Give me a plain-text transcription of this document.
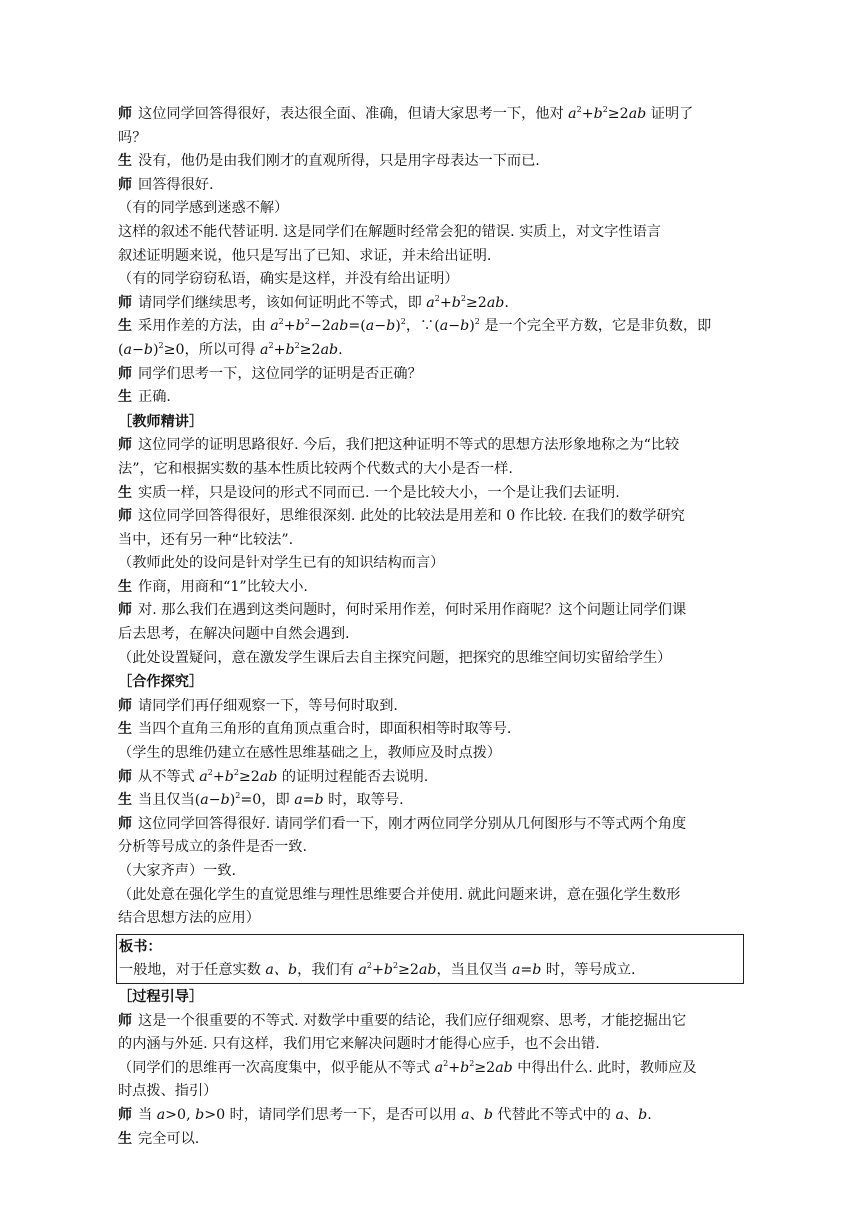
师 这位同学回答得很好，表达很全面、准确，但请大家思考一下，他对 $a^2+b^2\ge 2ab$ 证明了
吗？
生 没有，他仍是由我们刚才的直观所得，只是用字母表达一下而已.
师 回答得很好.
（有的同学感到迷惑不解）
这样的叙述不能代替证明. 这是同学们在解题时经常会犯的错误. 实质上，对文字性语言
叙述证明题来说，他只是写出了已知、求证，并未给出证明.
（有的同学窃窃私语，确实是这样，并没有给出证明）
师 请同学们继续思考，该如何证明此不等式，即 $a^2+b^2\ge 2ab$.
生 采用作差的方法，由 $a^2+b^2-2ab=(a-b)^2$，$\because(a-b)^2$ 是一个完全平方数，它是非负数，即
$(a-b)^2\ge 0$，所以可得 $a^2+b^2\ge 2ab$.
师 同学们思考一下，这位同学的证明是否正确？
生 正确.
［教师精讲］
师 这位同学的证明思路很好. 今后，我们把这种证明不等式的思想方法形象地称之为“比较
法”，它和根据实数的基本性质比较两个代数式的大小是否一样.
生 实质一样，只是设问的形式不同而已. 一个是比较大小，一个是让我们去证明.
师 这位同学回答得很好，思维很深刻. 此处的比较法是用差和 0 作比较. 在我们的数学研究
当中，还有另一种“比较法”.
（教师此处的设问是针对学生已有的知识结构而言）
生 作商，用商和“1”比较大小.
师 对. 那么我们在遇到这类问题时，何时采用作差，何时采用作商呢？这个问题让同学们课
后去思考，在解决问题中自然会遇到.
（此处设置疑问，意在激发学生课后去自主探究问题，把探究的思维空间切实留给学生）
［合作探究］
师 请同学们再仔细观察一下，等号何时取到.
生 当四个直角三角形的直角顶点重合时，即面积相等时取等号.
（学生的思维仍建立在感性思维基础之上，教师应及时点拨）
师 从不等式 $a^2+b^2\ge 2ab$ 的证明过程能否去说明.
生 当且仅当$(a-b)^2=0$，即 a=b 时，取等号.
师 这位同学回答得很好. 请同学们看一下，刚才两位同学分别从几何图形与不等式两个角度
分析等号成立的条件是否一致.
（大家齐声）一致.
（此处意在强化学生的直觉思维与理性思维要合并使用. 就此问题来讲，意在强化学生数形
结合思想方法的应用）
板书：
一般地，对于任意实数 a、b，我们有 $a^2+b^2\ge 2ab$，当且仅当 a=b 时，等号成立.
［过程引导］
师 这是一个很重要的不等式. 对数学中重要的结论，我们应仔细观察、思考，才能挖掘出它
的内涵与外延. 只有这样，我们用它来解决问题时才能得心应手，也不会出错.
（同学们的思维再一次高度集中，似乎能从不等式 $a^2+b^2\ge 2ab$ 中得出什么. 此时，教师应及
时点拨、指引）
师 当 a>0, b>0 时，请同学们思考一下，是否可以用 a、b 代替此不等式中的 a、b.
生 完全可以.
